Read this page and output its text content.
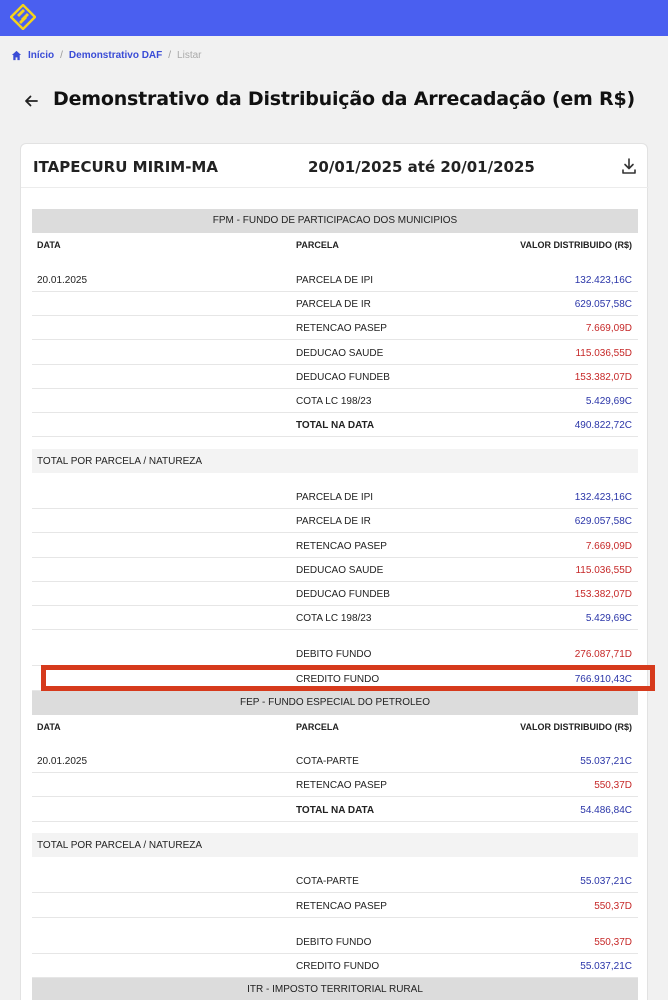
Início / Demonstrativo DAF / Listar
Demonstrativo da Distribuição da Arrecadação (em R$)
ITAPECURU MIRIM-MA	20/01/2025 até 20/01/2025
FPM - FUNDO DE PARTICIPACAO DOS MUNICIPIOS
DATA	PARCELA	VALOR DISTRIBUIDO (R$)
20.01.2025	PARCELA DE IPI	132.423,16C
PARCELA DE IR	629.057,58C
RETENCAO PASEP	7.669,09D
DEDUCAO SAUDE	115.036,55D
DEDUCAO FUNDEB	153.382,07D
COTA LC 198/23	5.429,69C
TOTAL NA DATA	490.822,72C
TOTAL POR PARCELA / NATUREZA
PARCELA DE IPI	132.423,16C
PARCELA DE IR	629.057,58C
RETENCAO PASEP	7.669,09D
DEDUCAO SAUDE	115.036,55D
DEDUCAO FUNDEB	153.382,07D
COTA LC 198/23	5.429,69C
DEBITO FUNDO	276.087,71D
CREDITO FUNDO	766.910,43C
FEP - FUNDO ESPECIAL DO PETROLEO
DATA	PARCELA	VALOR DISTRIBUIDO (R$)
20.01.2025	COTA-PARTE	55.037,21C
RETENCAO PASEP	550,37D
TOTAL NA DATA	54.486,84C
TOTAL POR PARCELA / NATUREZA
COTA-PARTE	55.037,21C
RETENCAO PASEP	550,37D
DEBITO FUNDO	550,37D
CREDITO FUNDO	55.037,21C
ITR - IMPOSTO TERRITORIAL RURAL
